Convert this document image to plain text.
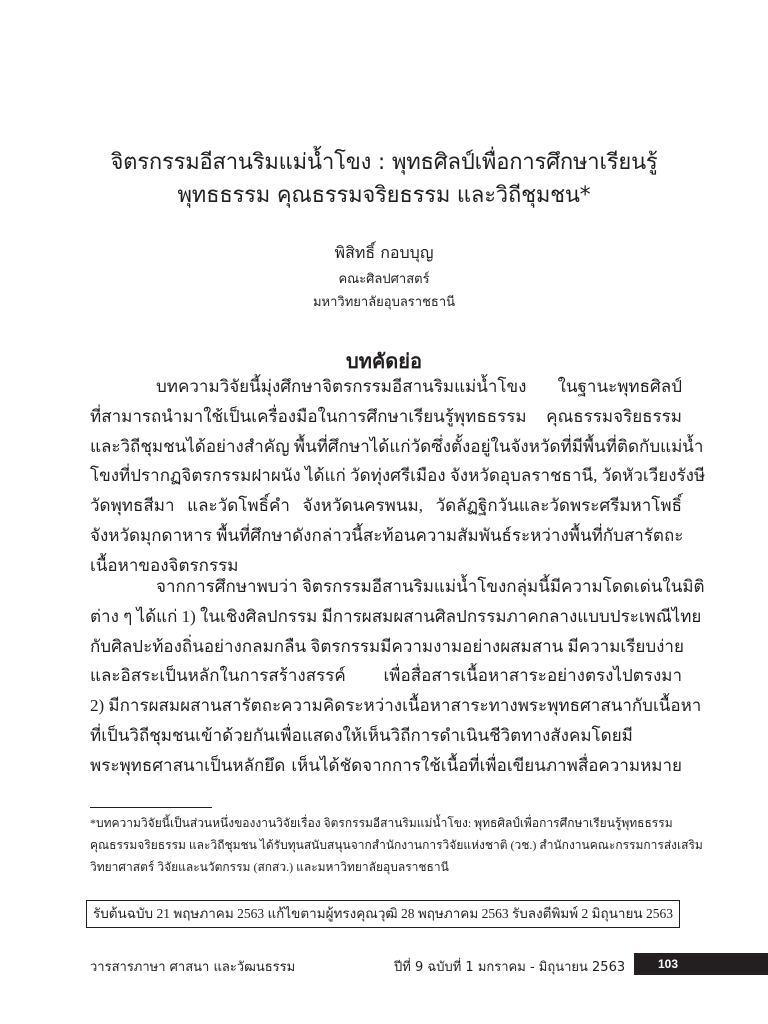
จิตรกรรมอีสานริมแม่น้ำโขง : พุทธศิลป์เพื่อการศึกษาเรียนรู้
พุทธธรรม คุณธรรมจริยธรรม และวิถีชุมชน*
พิสิทธิ์ กอบบุญ
คณะศิลปศาสตร์
มหาวิทยาลัยอุบลราชธานี
บทคัดย่อ
บทความวิจัยนี้มุ่งศึกษาจิตรกรรมอีสานริมแม่น้ำโขง ในฐานะพุทธศิลป์
ที่สามารถนำมาใช้เป็นเครื่องมือในการศึกษาเรียนรู้พุทธธรรม คุณธรรมจริยธรรม
และวิถีชุมชนได้อย่างสำคัญ พื้นที่ศึกษาได้แก่วัดซึ่งตั้งอยู่ในจังหวัดที่มีพื้นที่ติดกับแม่น้ำ
โขงที่ปรากฏจิตรกรรมฝาผนัง ได้แก่ วัดทุ่งศรีเมือง จังหวัดอุบลราชธานี, วัดหัวเวียงรังษี
วัดพุทธสีมา และวัดโพธิ์คำ จังหวัดนครพนม, วัดลัฏฐิกวันและวัดพระศรีมหาโพธิ์
จังหวัดมุกดาหาร พื้นที่ศึกษาดังกล่าวนี้สะท้อนความสัมพันธ์ระหว่างพื้นที่กับสารัตถะ
เนื้อหาของจิตรกรรม
จากการศึกษาพบว่า จิตรกรรมอีสานริมแม่น้ำโขงกลุ่มนี้มีความโดดเด่นในมิติ
ต่าง ๆ ได้แก่ 1) ในเชิงศิลปกรรม มีการผสมผสานศิลปกรรมภาคกลางแบบประเพณีไทย
กับศิลปะท้องถิ่นอย่างกลมกลืน จิตรกรรมมีความงามอย่างผสมสาน มีความเรียบง่าย
และอิสระเป็นหลักในการสร้างสรรค์ เพื่อสื่อสารเนื้อหาสาระอย่างตรงไปตรงมา
2) มีการผสมผสานสารัตถะความคิดระหว่างเนื้อหาสาระทางพระพุทธศาสนากับเนื้อหา
ที่เป็นวิถีชุมชนเข้าด้วยกันเพื่อแสดงให้เห็นวิถีการดำเนินชีวิตทางสังคมโดยมี
พระพุทธศาสนาเป็นหลักยึด เห็นได้ชัดจากการใช้เนื้อที่เพื่อเขียนภาพสื่อความหมาย
*บทความวิจัยนี้เป็นส่วนหนึ่งของงานวิจัยเรื่อง จิตรกรรมอีสานริมแม่น้ำโขง: พุทธศิลป์เพื่อการศึกษาเรียนรู้พุทธธรรม
คุณธรรมจริยธรรม และวิถีชุมชน ได้รับทุนสนับสนุนจากสำนักงานการวิจัยแห่งชาติ (วช.) สำนักงานคณะกรรมการส่งเสริม
วิทยาศาสตร์ วิจัยและนวัตกรรม (สกสว.) และมหาวิทยาลัยอุบลราชธานี
รับต้นฉบับ 21 พฤษภาคม 2563 แก้ไขตามผู้ทรงคุณวุฒิ 28 พฤษภาคม 2563 รับลงตีพิมพ์ 2 มิถุนายน 2563
วารสารภาษา ศาสนา และวัฒนธรรม	ปีที่ 9 ฉบับที่ 1 มกราคม - มิถุนายน 2563	103
